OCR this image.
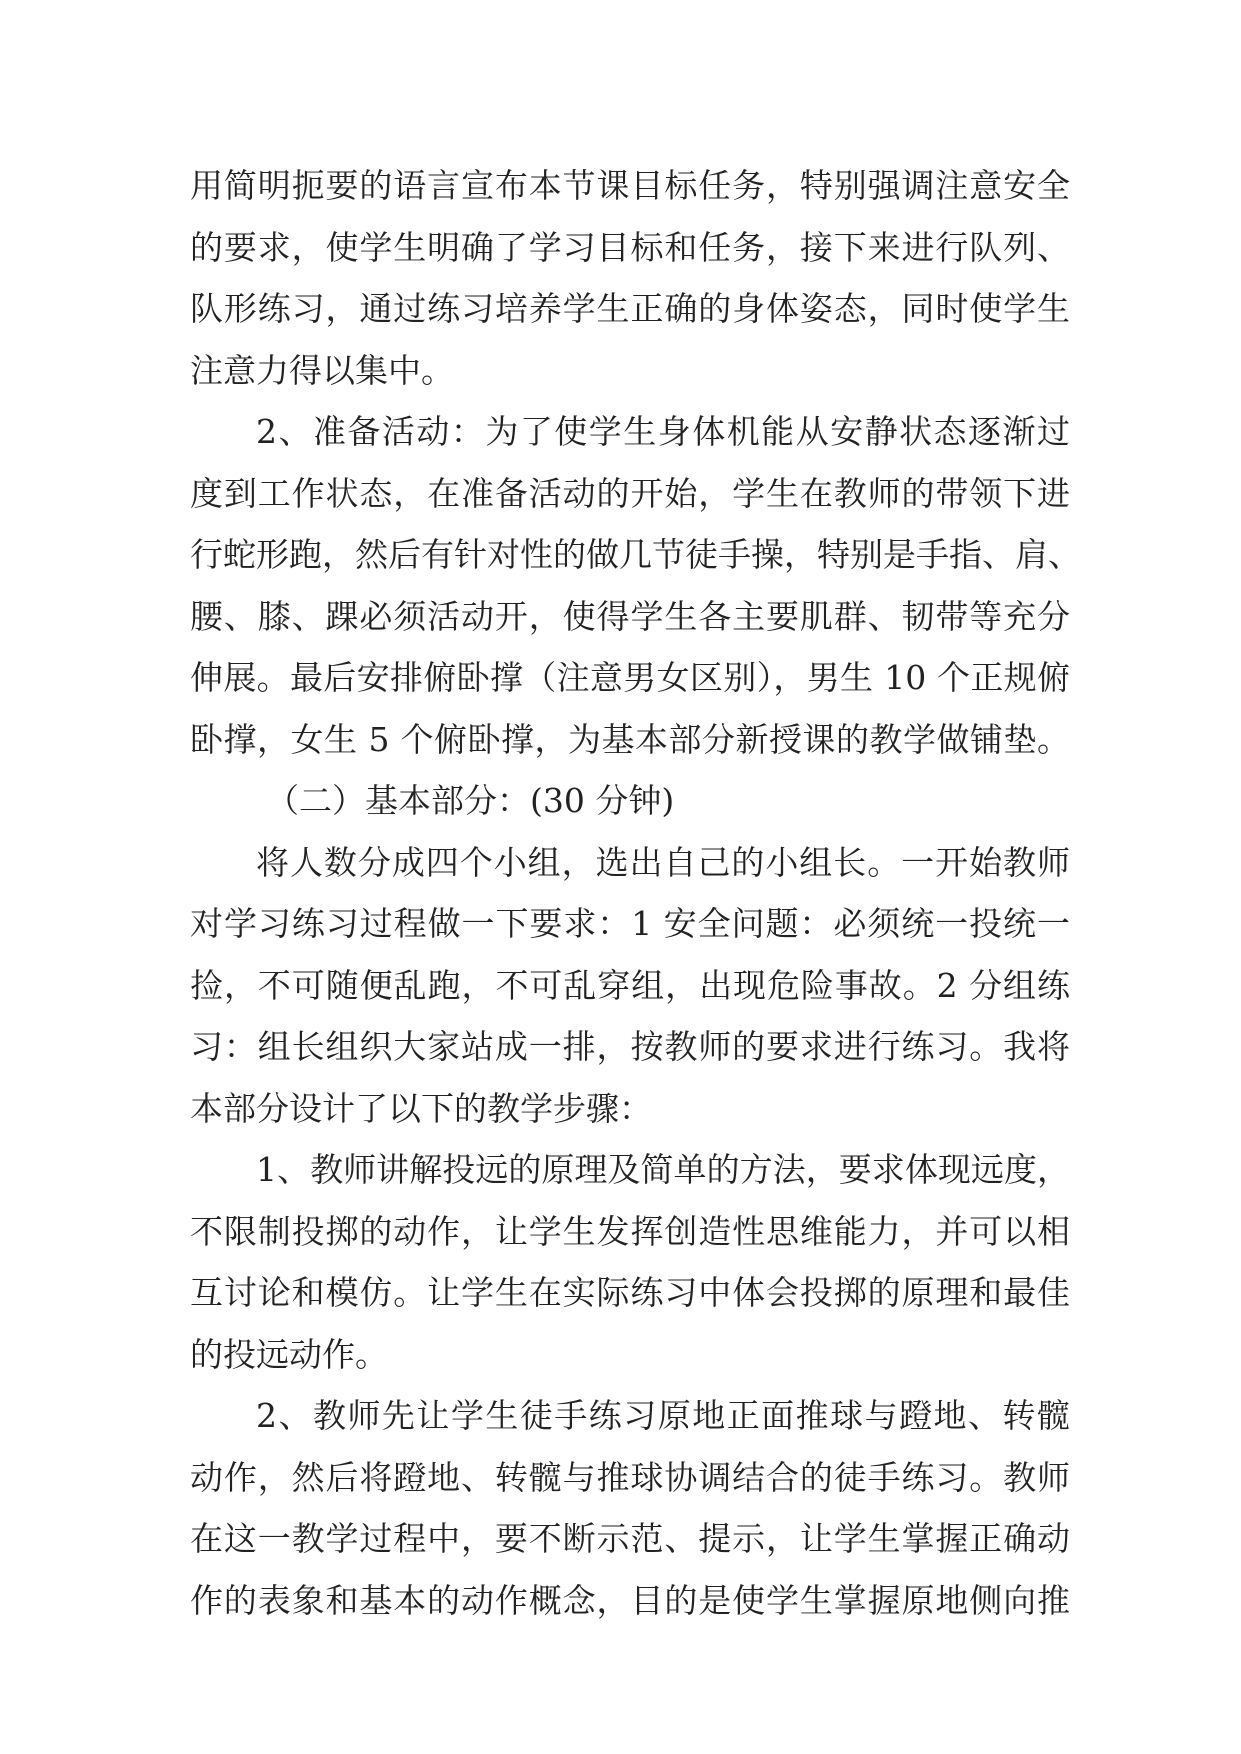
用简明扼要的语言宣布本节课目标任务，特别强调注意安全
的要求，使学生明确了学习目标和任务，接下来进行队列、
队形练习，通过练习培养学生正确的身体姿态，同时使学生
注意力得以集中。
2、准备活动：为了使学生身体机能从安静状态逐渐过
度到工作状态，在准备活动的开始，学生在教师的带领下进
行蛇形跑，然后有针对性的做几节徒手操，特别是手指、肩、
腰、膝、踝必须活动开，使得学生各主要肌群、韧带等充分
伸展。最后安排俯卧撑（注意男女区别），男生 10 个正规俯
卧撑，女生 5 个俯卧撑，为基本部分新授课的教学做铺垫。
（二）基本部分：(30 分钟)
将人数分成四个小组，选出自己的小组长。一开始教师
对学习练习过程做一下要求：1 安全问题：必须统一投统一
捡，不可随便乱跑，不可乱穿组，出现危险事故。2 分组练
习：组长组织大家站成一排，按教师的要求进行练习。我将
本部分设计了以下的教学步骤：
1、教师讲解投远的原理及简单的方法，要求体现远度，
不限制投掷的动作，让学生发挥创造性思维能力，并可以相
互讨论和模仿。让学生在实际练习中体会投掷的原理和最佳
的投远动作。
2、教师先让学生徒手练习原地正面推球与蹬地、转髋
动作，然后将蹬地、转髋与推球协调结合的徒手练习。教师
在这一教学过程中，要不断示范、提示，让学生掌握正确动
作的表象和基本的动作概念，目的是使学生掌握原地侧向推
